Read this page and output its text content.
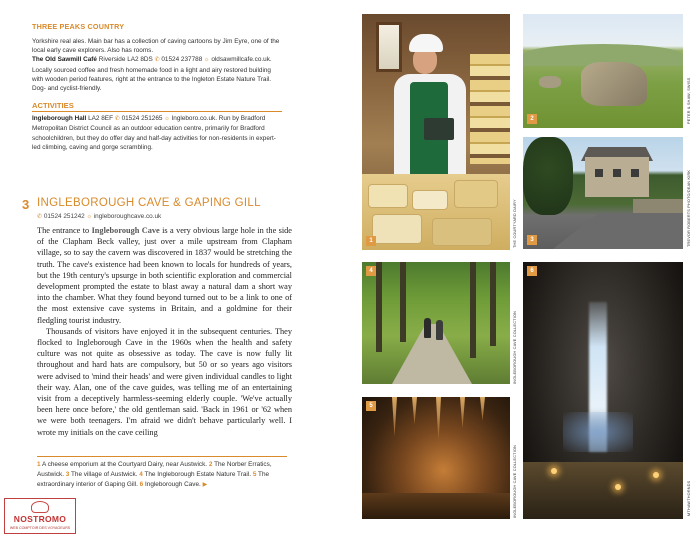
THREE PEAKS COUNTRY
Yorkshire real ales. Main bar has a collection of caving cartoons by Jim Eyre, one of the local early cave explorers. Also has rooms.
The Old Sawmill Café Riverside LA2 8DS ✆ 01524 237788 ☼ oldsawmillcafe.co.uk. Locally sourced coffee and fresh homemade food in a light and airy restored building with wooden period features, right at the entrance to the Ingleton Estate Nature Trail. Dog- and cyclist-friendly.
ACTIVITIES
Ingleborough Hall LA2 8EF ✆ 01524 251265 ☼ Ingleboro.co.uk. Run by Bradford Metropolitan District Council as an outdoor education centre, primarily for Bradford schoolchildren, but they do offer day and half-day activities for non-residents in expert-led climbing, caving and gorge scrambling.
3 INGLEBOROUGH CAVE & GAPING GILL
✆ 01524 251242 ☼ ingleboroughcave.co.uk

The entrance to Ingleborough Cave is a very obvious large hole in the side of the Clapham Beck valley, just over a mile upstream from Clapham village, so to say the cavern was discovered in 1837 would be stretching the truth. The cave's existence had been known to locals for hundreds of years, but the 19th century's upsurge in both scientific exploration and commercial development prompted the estate to blast away a natural dam a short way into the chamber. What they found beyond turned out to be a link to one of the most extensive cave systems in Britain, and a goldmine for their fledgling tourist industry.

Thousands of visitors have enjoyed it in the subsequent centuries. They flocked to Ingleborough Cave in the 1960s when the health and safety culture was not quite as obsessive as today. The cave is now fully lit throughout and hard hats are compulsory, but 50 or so years ago visitors were advised to 'mind their heads' and were given individual candles to light their way. Alan, one of the cave guides, was telling me of an entertaining visit from a deceptively harmless-seeming elderly couple. 'We've actually been here once before,' the old gentleman said. 'Back in 1961 or '62 when we were both teenagers. I'm afraid we didn't behave particularly well. I wrote my initials on the cave ceiling

1 A cheese emporium at the Courtyard Dairy, near Austwick. 2 The Norber Erratics, Austwick. 3 The village of Austwick. 4 The Ingleborough Estate Nature Trail. 5 The extraordinary interior of Gaping Gill. 6 Ingleborough Cave. ▶
NOSTROMO
WEB COMPTOIR DES VOYAGEURS
1	THE COURTYARD DAIRY
2	PETER & SHAW, SWISS
3	TREVOR ROBERTS PHOTO/DEAN KIRK
4
INGLEBOROUGH CAVE COLLECTION
5
INGLEBOROUGH CAVE COLLECTION
6
MTHAWTHORNDS
